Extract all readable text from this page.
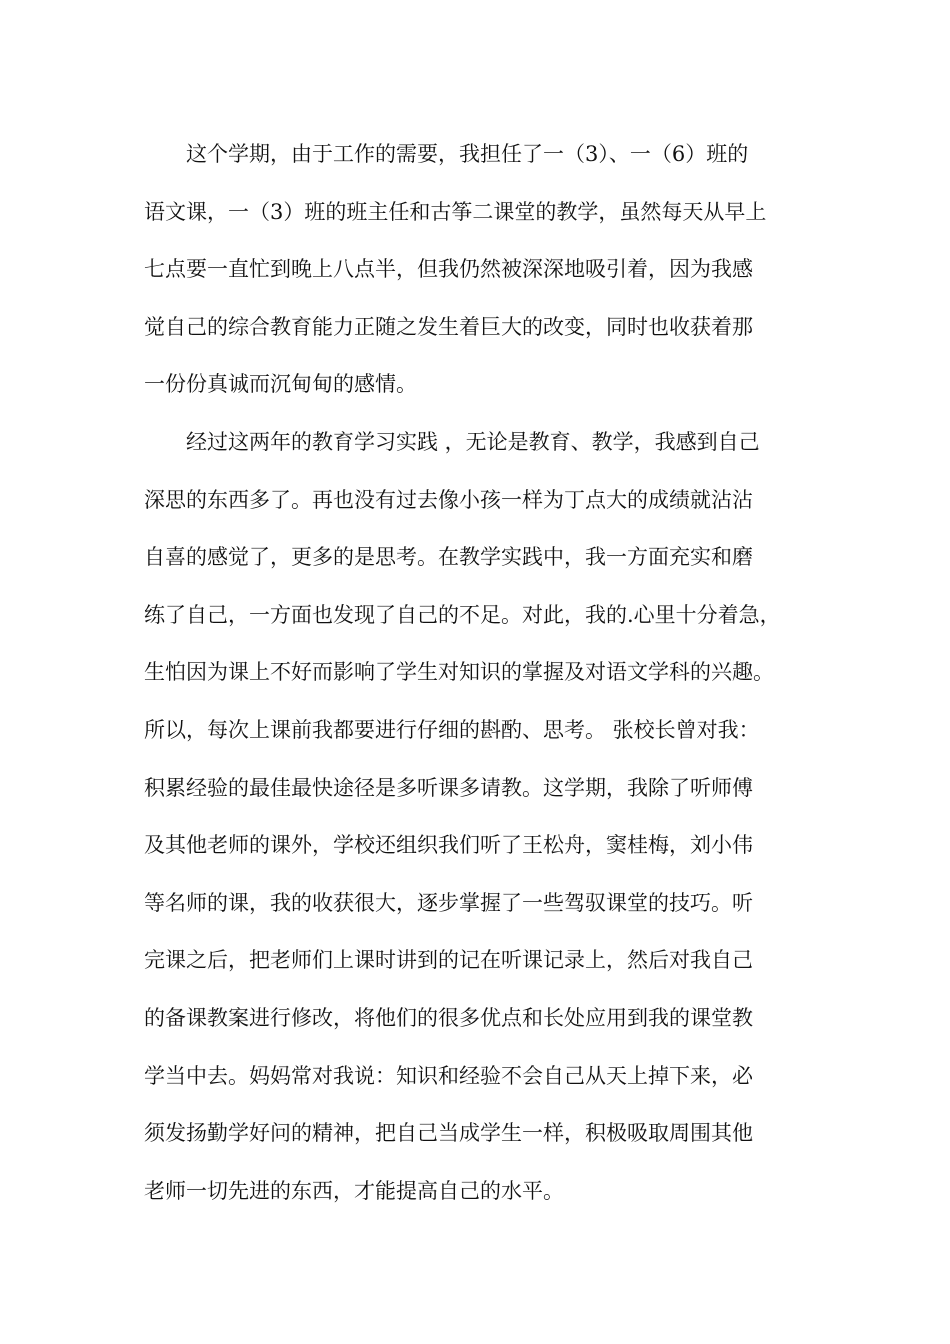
这个学期，由于工作的需要，我担任了一（3）、一（6）班的
语文课，一（3）班的班主任和古筝二课堂的教学，虽然每天从早上
七点要一直忙到晚上八点半，但我仍然被深深地吸引着，因为我感
觉自己的综合教育能力正随之发生着巨大的改变，同时也收获着那
一份份真诚而沉甸甸的感情。
经过这两年的教育学习实践 ，无论是教育、教学，我感到自己
深思的东西多了。再也没有过去像小孩一样为丁点大的成绩就沾沾
自喜的感觉了，更多的是思考。在教学实践中，我一方面充实和磨
练了自己，一方面也发现了自己的不足。对此，我的.心里十分着急，
生怕因为课上不好而影响了学生对知识的掌握及对语文学科的兴趣。
所以，每次上课前我都要进行仔细的斟酌、思考。 张校长曾对我：
积累经验的最佳最快途径是多听课多请教。这学期，我除了听师傅
及其他老师的课外，学校还组织我们听了王松舟，窦桂梅，刘小伟
等名师的课，我的收获很大，逐步掌握了一些驾驭课堂的技巧。听
完课之后，把老师们上课时讲到的记在听课记录上，然后对我自己
的备课教案进行修改，将他们的很多优点和长处应用到我的课堂教
学当中去。妈妈常对我说：知识和经验不会自己从天上掉下来，必
须发扬勤学好问的精神，把自己当成学生一样，积极吸取周围其他
老师一切先进的东西，才能提高自己的水平。
